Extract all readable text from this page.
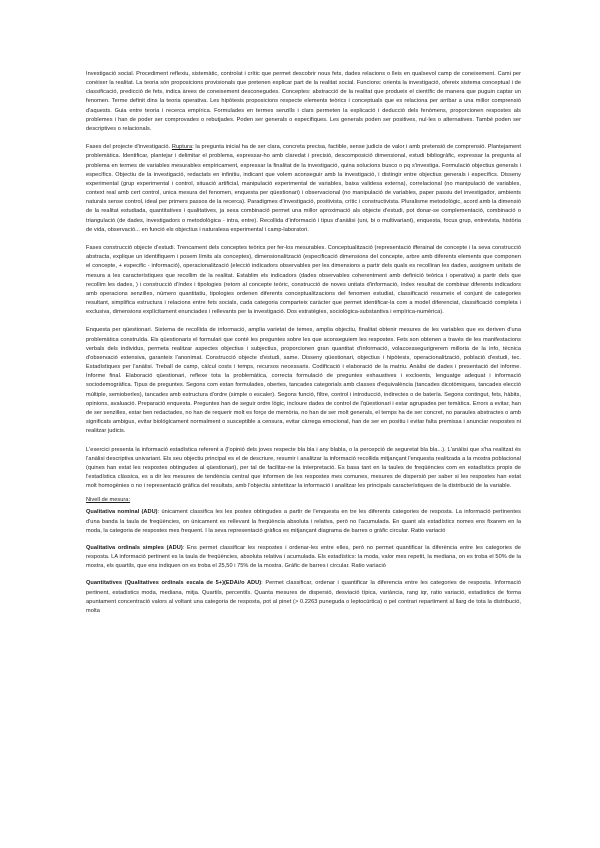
Investigació social. Procediment reflexiu, sistemàtic, controlat i crític que permet descobrir nous fets, dades relacions o lleis en qualsevol camp de coneixement. Cami per conèixer la realitat. La teoria són proposicions provisionals que pretenen explicar part de la realitat social. Funcions: orienta la investigació, ofereix sistema conceptual i de classificació, predicció de fets, indica àrees de coneixement desconegudes. Conceptes: abstracció de la realitat que produeix el científic de manera que puguin captar un fenomen. Terme definit dins la teoria operativa. Les hipòtesis proposicions respecte elements teòrics i conceptuals que es relaciona per arribar a una millor comprensió d'aquests. Guia entre teoria i recerca empírica. Formulades en termes senzills i clars permeten la explicació i deducció dels fenòmens, proporcionen respostes als problemes i han de poder ser comprovades o rebutjades. Poden ser generals o especifiques. Les generals poden ser positives, nul·les o alternatives. També poden ser descriptives o relacionals.

Fases del projecte d'investigació. Ruptura: la pregunta inicial ha de ser clara, concreta precisa, factible, sense judicis de valor i amb pretensió de comprensió. Plantejament problemàtica. Identificar, plantejar i delimitar el problema, expressar-ho amb claredat i precisió, descomposició dimensional, estudi bibliogràfic, expressar la pregunta al problema en termes de variables mesurables empíricament, expressar la finalitat de la investigació, quina solucions busco o pq s'investiga. Formulació objectius generals i específics. Objectiu de la investigació, redactats en infinitiu, indicant que volem aconseguir amb la investigació, i distingir entre objectius generals i específics. Disseny experimental (grup experimental i control, situació artificial, manipulació experimental de variables, baixa validesa externa), correlacional (no manipulació de variables, context real amb cert control, unica mesura del fenomen, enquesta per qüestionari) i observacional (no manipulació de variables, paper passiu del investigador, ambients naturals sense control, ideal per primers passos de la recerca). Paradigmes d'investigació, positivista, crític i constructivista. Pluralisme metodològic, acord amb la dimensió de la realitat estudiada, quantitatives i qualitatives, ja sexa combinació permet una millor aproximació als objecte d'estudi, pot donar-se complementació, combinació o triangulació (de dades, investigadors o metodològica - intra, entre). Recollida d'informació i tipus d'anàlisi (uni, bi o multivariant), enquesta, focus grup, entrevista, història de vida, observació... en funció els objectius i naturalesa experimental i camp-laboratori.

Fases construcció objecte d'estudi. Trencament dels conceptes teòrics per fer-los mesurables. Conceptualització (representació ifferainal de concepte i la seva construcció abstracta, explique un identifiquem i posem límits als conceptes), dimensionalització (especificació dimensions del concepte, arbre amb diferents elements que componen el concepte, + especific - informació), operacionalització (elecció indicadors observables per les dimensions a partir dels quals es recolliran les dades, assignem unitats de mesura a les característiques que recollim de la realitat. Establim els indicadors (dades observables coherentment amb definició teòrica i operativa) a partir dels que recollim les dades, ) i construcció d'índex i tipologies (retorn al concepte teòric, construcció de noves unitats d'informació, índex resultat de combinar diferents indicadors amb operacions senzilles, número quantitatiu, tipologies ordenen diferents conceptualitzacions del fenomen estudiat, classificació resumeix el conjunt de categories resultant, simplifica estructura i relacions entre fets socials, cada categoria comparteix caràcter que permet identificar-la com a model diferenciat, classificació completa i exclusiva, dimensions explícitament enunciades i rellevants per la investigació. Dos estratègies, sociològica-substantiva i empírica-numèrica).

Enquesta per qüestionari. Sistema de recollida de informació, amplia varietat de temes, amplia objectiu, finalitat obtenir mesures de les variables que es deriven d'una problemàtica construïda. Els qüestionaris el formulari que conté les preguntes sobre les que aconseguiem les respostes. Fets son obtenen a través de les manifestacions verbals dels individus, permeta realitzar aspectes objectius i subjectius, proporcionen gran quantitat d'informació, volaccessegurigrerem milloria de la info, tècnica d'observació extensiva, garanteix l'anonimat. Construcció objecte d'estudi, same. Disseny qüestionari, objectius i hipòtesis, operacionalització, població d'estudi, tec. Estadístiques per l'anàlisi. Treball de camp, càlcul costs i temps, recursos necessaris. Codificació i elaboració de la matriu. Anàlisi de dades i presentació del informe. Informe final. Elaboració qüestionari, reflexe tota la problemàtica, correcta formulació de preguntes exhaustives i excloents, lenguatge adequat i informació sociodemogràfica. Tipus de preguntes. Segons com estan formulades, obertes, tancades categorials amb classes d'equivalència (tancades dicotòmiques, tancades elecció múltiple, semioberles), tancades amb estructura d'ordre (simple o escaler). Segons funció, filtre, control i introducció, indirectes o de batería. Segons contingut, fets, hàbits, opinions, avaluació. Preparació enquesta. Preguntes han de seguir ordre lògic, incloure dades de control de l'qüestionari i estar agrupades per temàtica. Errors a evitar, han de ser senzilles, estar ben redactades, no han de requerir molt es forçe de memòria, no han de ser molt generals, el temps ha de ser concret, no paraules abstractes o amb significats ambigus, evitar biológicament normalment o susceptible a censura, evitar càrrega emocional, han de ser en positiu i evitar falta premissa i anunciar respostes ni realitzar judicis.

L'exercici presenta la informació estadística referent a (l'opinió dels joves respecte bla bla i any blabla, o la percepció de seguretat bla bla...). L'anàlisi que s'ha realitzat és l'anàlisi descriptiva univariant. Els seu objectiu principal es el de descriure, resumir i analitzar la informació recollida mitjançant l'enquesta realitzada a la mostra poblacional (quines han estat les respostes obtingudes al qüestionari), per tal de facilitar-ne la interpretació. Es basa tant en la taules de freqüències com en estadístics propis de l'estadística clàssica, es a dir les mesures de tendència central que informen de les respostes mes comunes, mesures de dispersió per saber si les respostes han estat molt homogènies o no i representació gràfica del resultats, amb l'objectiu sintetitzar la informació i analitzar les principals característiques de la distribució de la variable.

Nivell de mesura:

Qualitativa nominal (ADU): únicament classifica les les postes obtingudes a partir de l'enquesta en tre les diferents categories de resposta. La informació pertinentes d'una banda la taula de freqüències, on únicament es rellevant la freqüència absoluta i relativa, però no l'acumulada. En quant als estadístics nomes ens fixarem en la moda, la categoria de respostes mes frequent. I la seva representació gràfica es mitjançant diagrama de barres o gràfic circular. Ratio variació

Qualitativa ordinals simples (ADU): Ens permet classificar les respostes i ordenar-les entre elles, però no permet quantificar la diferència entre les categories de resposta. LA informació pertinent es la taula de freqüències, absoluta relativa i acumulada. Els estadístics: la moda, valor mes repetit, la mediana, on es troba el 50% de la mostra, els quartils, que ens indiquen on es troba el 25,50 i 75% de la mostra. Gràfic de barres i circular. Ratio variació

Quantitatives (Qualitatives ordinals escala de 5+)(EDAi/o ADU): Permet classificar, ordenar i quantificar la diferencia entre les categories de resposta. Informació pertinent, estadistics moda, mediana, mitja. Quartils, percentils. Quanta mesures de dispersió, desviació típica, variància, rang iqr, ratio variació, estadistics de forma apuntament concentració valors al voltant una categoria de resposta, pot al pinet (> 0.2263 puneguda o leptocúrtica) o pel contrari repartiment al llarg de tota la distribució, molta
